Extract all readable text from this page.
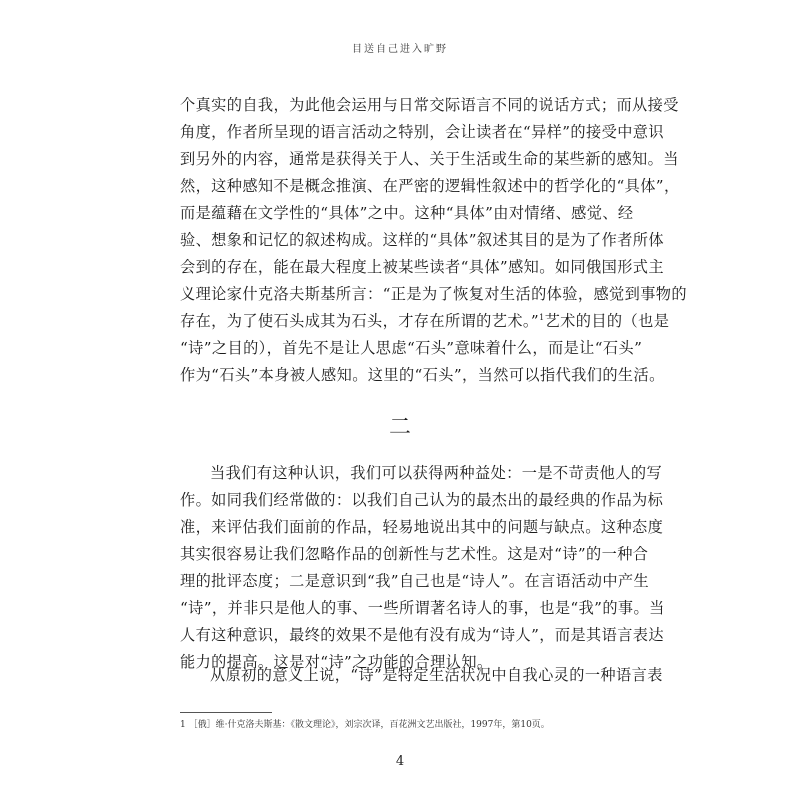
目送自己进入旷野
个真实的自我，为此他会运用与日常交际语言不同的说话方式；而从接受
角度，作者所呈现的语言活动之特别，会让读者在“异样”的接受中意识
到另外的内容，通常是获得关于人、关于生活或生命的某些新的感知。当
然，这种感知不是概念推演、在严密的逻辑性叙述中的哲学化的“具体”，
而是蕴藉在文学性的“具体”之中。这种“具体”由对情绪、感觉、经
验、想象和记忆的叙述构成。这样的“具体”叙述其目的是为了作者所体
会到的存在，能在最大程度上被某些读者“具体”感知。如同俄国形式主
义理论家什克洛夫斯基所言：“正是为了恢复对生活的体验，感觉到事物的
存在，为了使石头成其为石头，才存在所谓的艺术。”$^1$艺术的目的（也是
“诗”之目的），首先不是让人思虑“石头”意味着什么，而是让“石头”
作为“石头”本身被人感知。这里的“石头”，当然可以指代我们的生活。
二
当我们有这种认识，我们可以获得两种益处：一是不苛责他人的写
作。如同我们经常做的：以我们自己认为的最杰出的最经典的作品为标
准，来评估我们面前的作品，轻易地说出其中的问题与缺点。这种态度
其实很容易让我们忽略作品的创新性与艺术性。这是对“诗”的一种合
理的批评态度；二是意识到“我”自己也是“诗人”。在言语活动中产生
“诗”，并非只是他人的事、一些所谓著名诗人的事，也是“我”的事。当
人有这种意识，最终的效果不是他有没有成为“诗人”，而是其语言表达
能力的提高。这是对“诗”之功能的合理认知。
从原初的意义上说，“诗”是特定生活状况中自我心灵的一种语言表
1 ［俄］维·什克洛夫斯基：《散文理论》，刘宗次译，百花洲文艺出版社，1997年，第10页。
4
